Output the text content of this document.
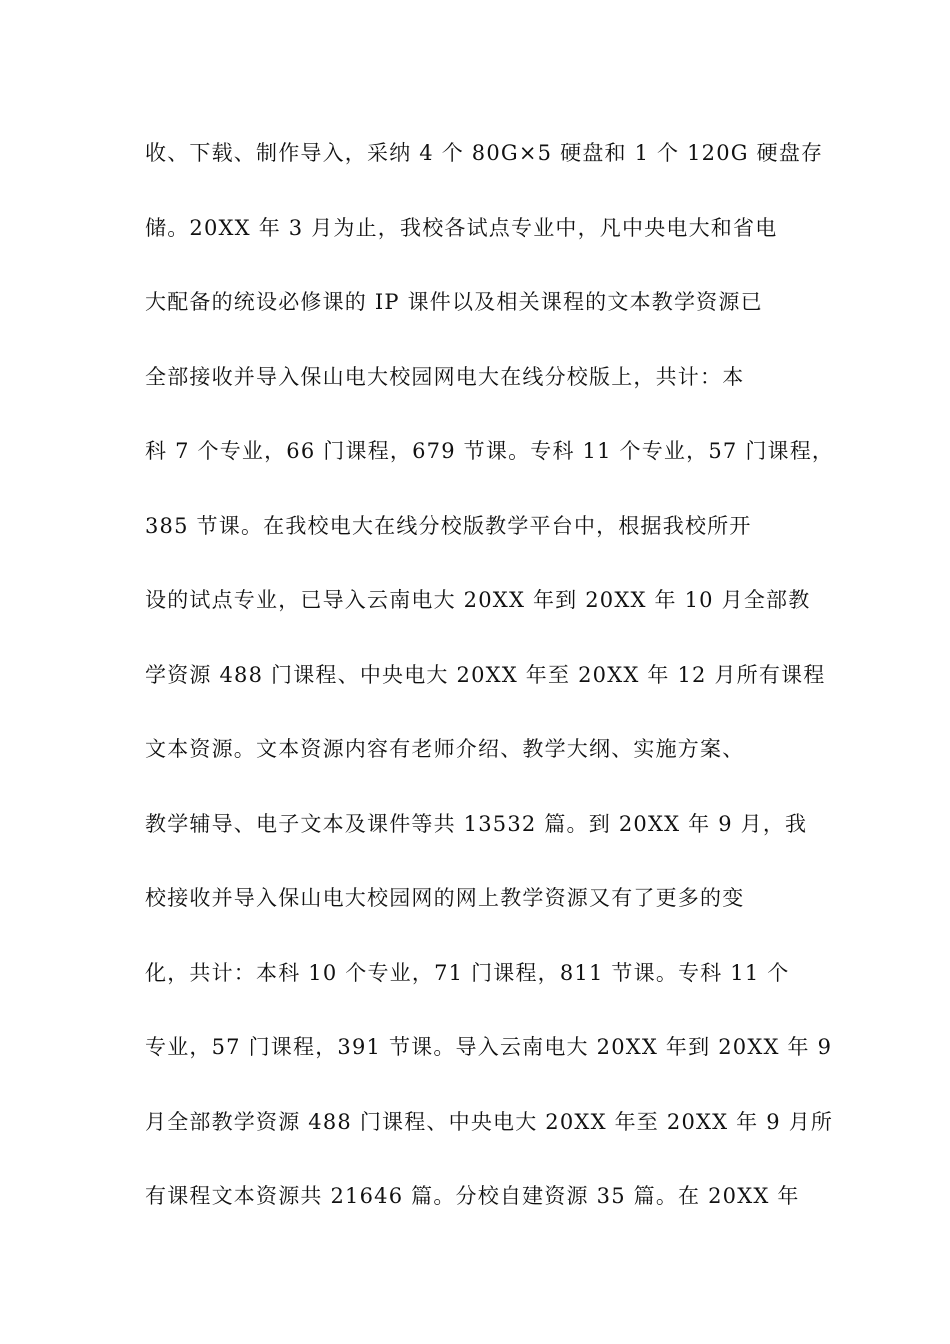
收、下载、制作导入，采纳 4 个 80G×5 硬盘和 1 个 120G 硬盘存
储。20XX 年 3 月为止，我校各试点专业中，凡中央电大和省电
大配备的统设必修课的 IP 课件以及相关课程的文本教学资源已
全部接收并导入保山电大校园网电大在线分校版上，共计：本
科 7 个专业，66 门课程，679 节课。专科 11 个专业，57 门课程，
385 节课。在我校电大在线分校版教学平台中，根据我校所开
设的试点专业，已导入云南电大 20XX 年到 20XX 年 10 月全部教
学资源 488 门课程、中央电大 20XX 年至 20XX 年 12 月所有课程
文本资源。文本资源内容有老师介绍、教学大纲、实施方案、
教学辅导、电子文本及课件等共 13532 篇。到 20XX 年 9 月，我
校接收并导入保山电大校园网的网上教学资源又有了更多的变
化，共计：本科 10 个专业，71 门课程，811 节课。专科 11 个
专业，57 门课程，391 节课。导入云南电大 20XX 年到 20XX 年 9
月全部教学资源 488 门课程、中央电大 20XX 年至 20XX 年 9 月所
有课程文本资源共 21646 篇。分校自建资源 35 篇。在 20XX 年
